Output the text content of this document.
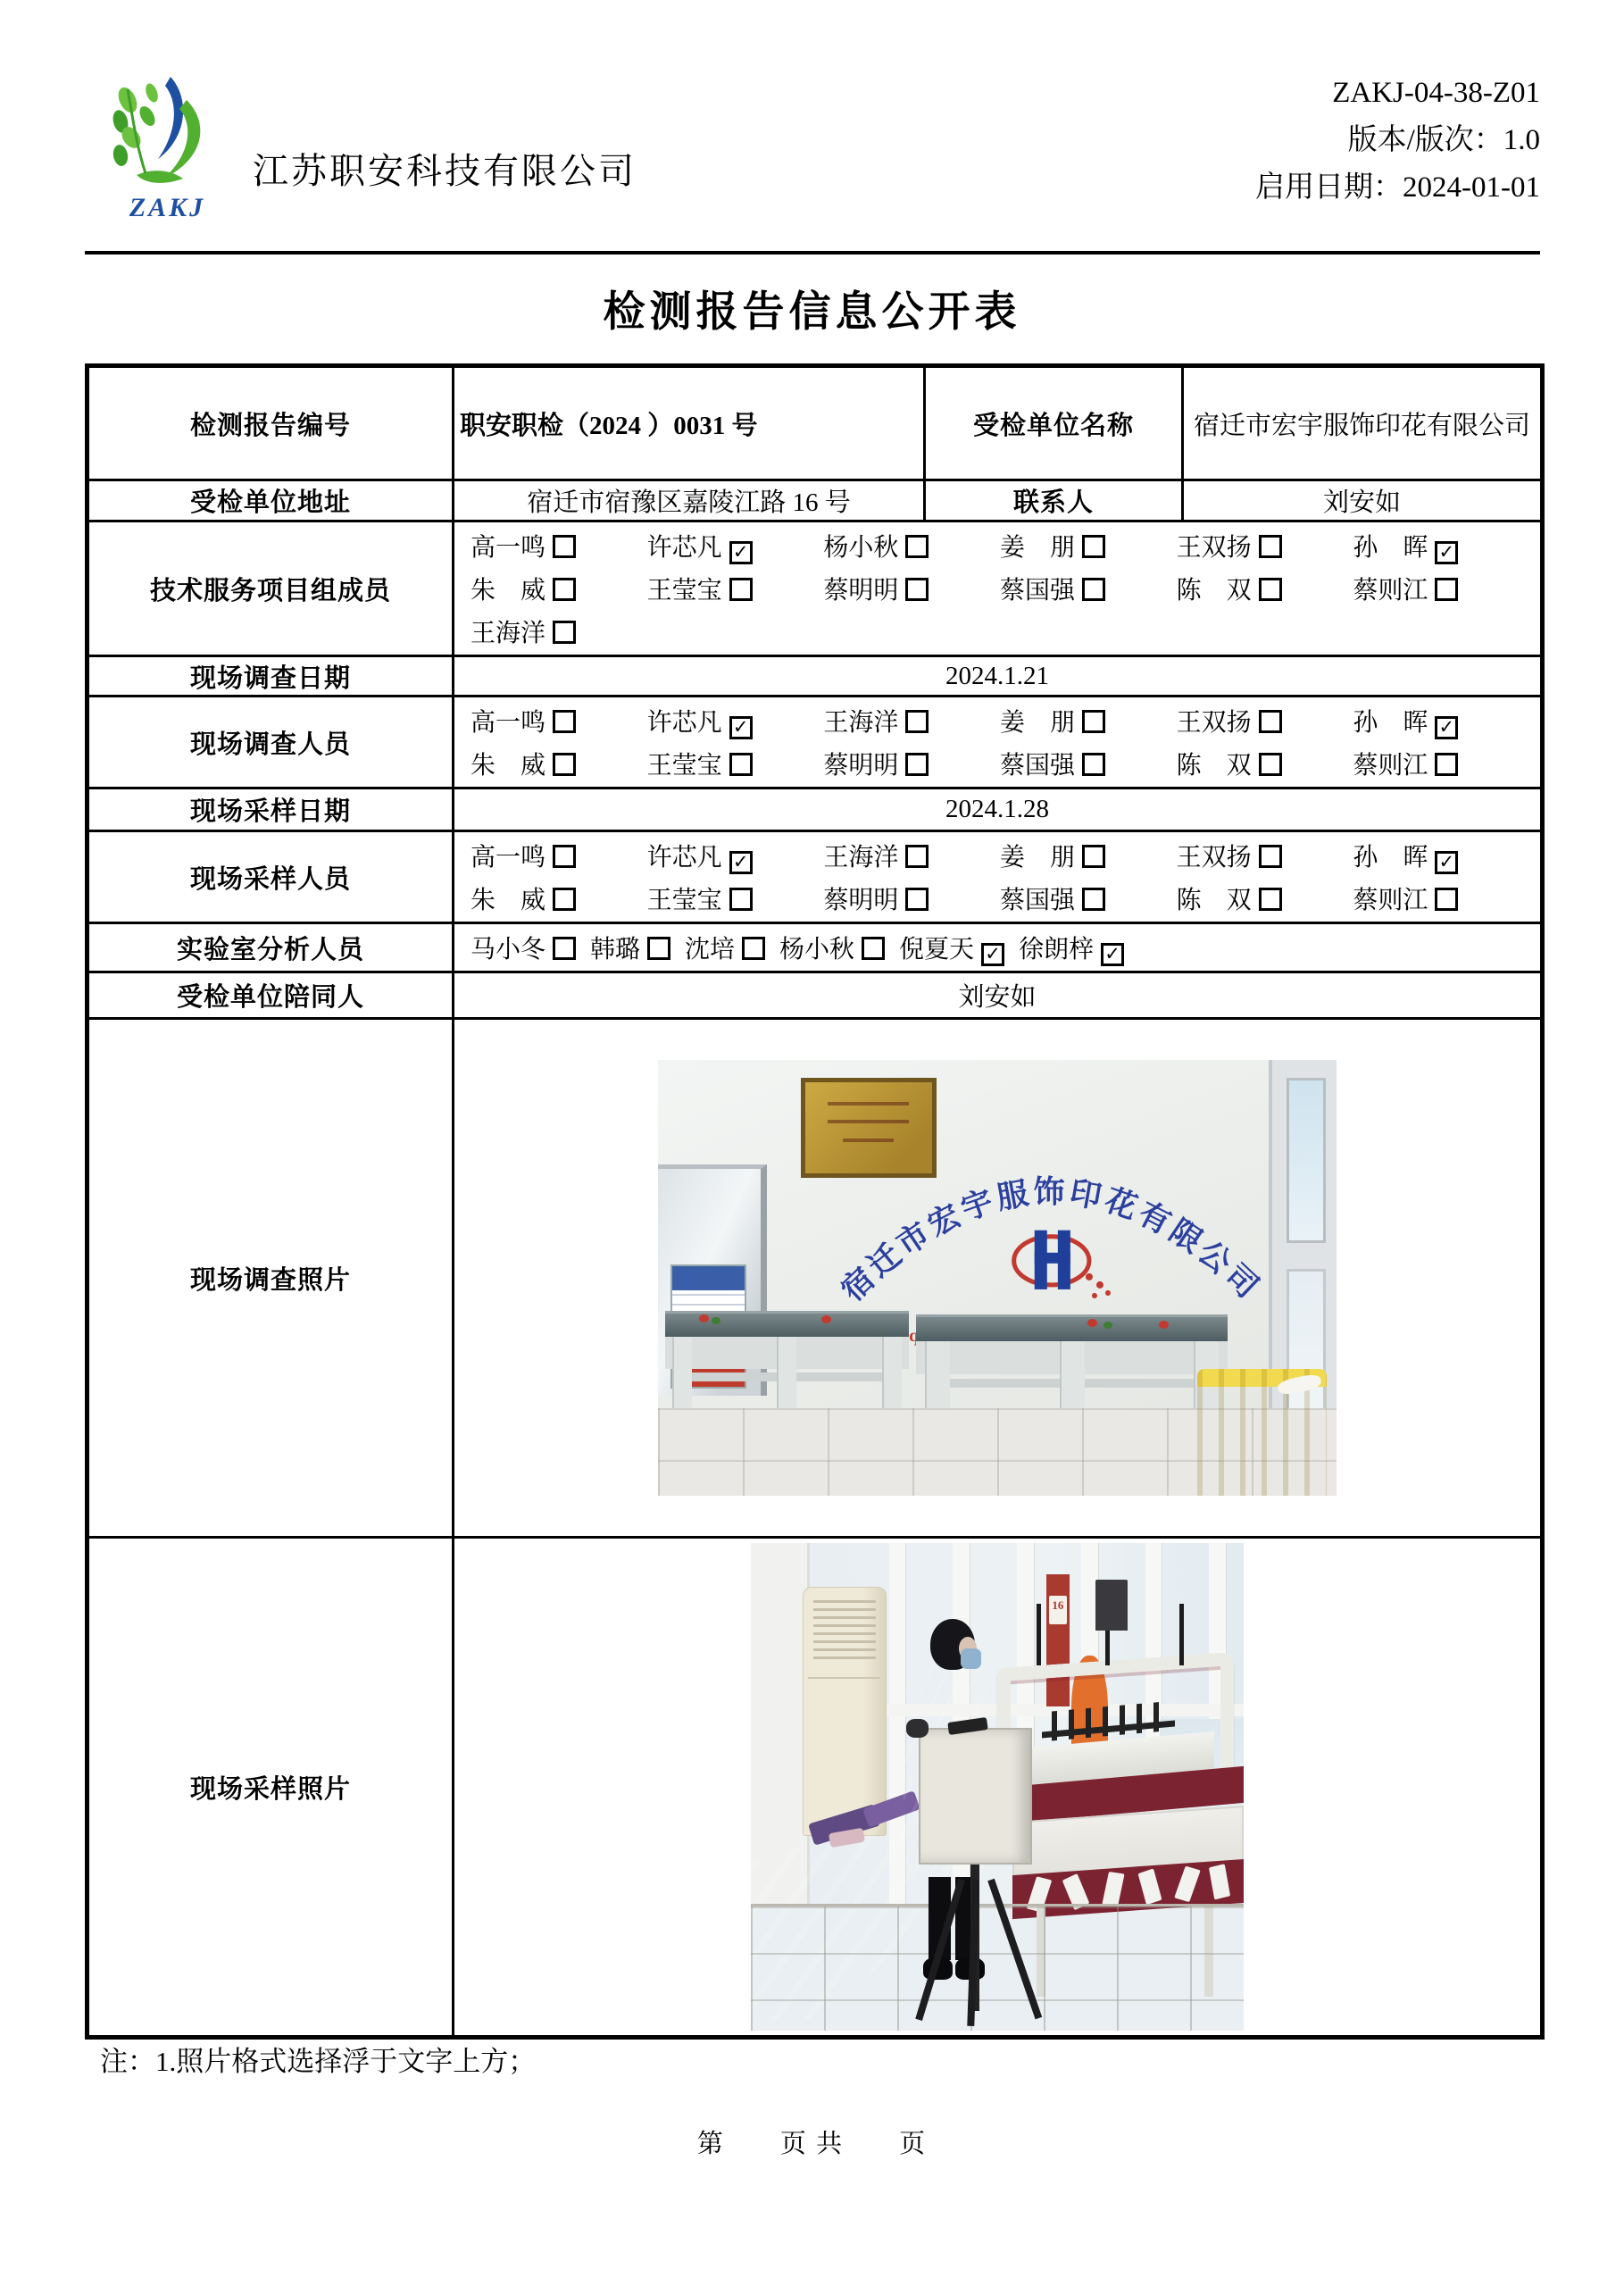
ZAKJ
江苏职安科技有限公司
ZAKJ-04-38-Z01
版本/版次：1.0
启用日期：2024-01-01
检测报告信息公开表
检测报告编号	职安职检（2024 ）0031 号	受检单位名称	宿迁市宏宇服饰印花有限公司
受检单位地址	宿迁市宿豫区嘉陵江路 16 号	联系人	刘安如
技术服务项目组成员	
高一鸣	许芯凡 ✓	杨小秋	姜　朋	王双扬	孙　晖 ✓
朱　威	王莹宝	蔡明明	蔡国强	陈　双	蔡则江
王海洋

现场调查日期	2024.1.21		
现场调查人员	
高一鸣	许芯凡 ✓	王海洋	姜　朋	王双扬	孙　晖 ✓
朱　威	王莹宝	蔡明明	蔡国强	陈　双	蔡则江

现场采样日期	2024.1.28		
现场采样人员	
高一鸣	许芯凡 ✓	王海洋	姜　朋	王双扬	孙　晖 ✓
朱　威	王莹宝	蔡明明	蔡国强	陈　双	蔡则江

实验室分析人员	马小冬	韩璐	沈培	杨小秋	倪夏天 ✓ 徐朗梓 ✓

受检单位陪同人	刘安如		
现场调查照片	宿迁市宏宇服饰印花有限公司		

现场采样照片	16		
注：1.照片格式选择浮于文字上方；
第　　页 共　　页
